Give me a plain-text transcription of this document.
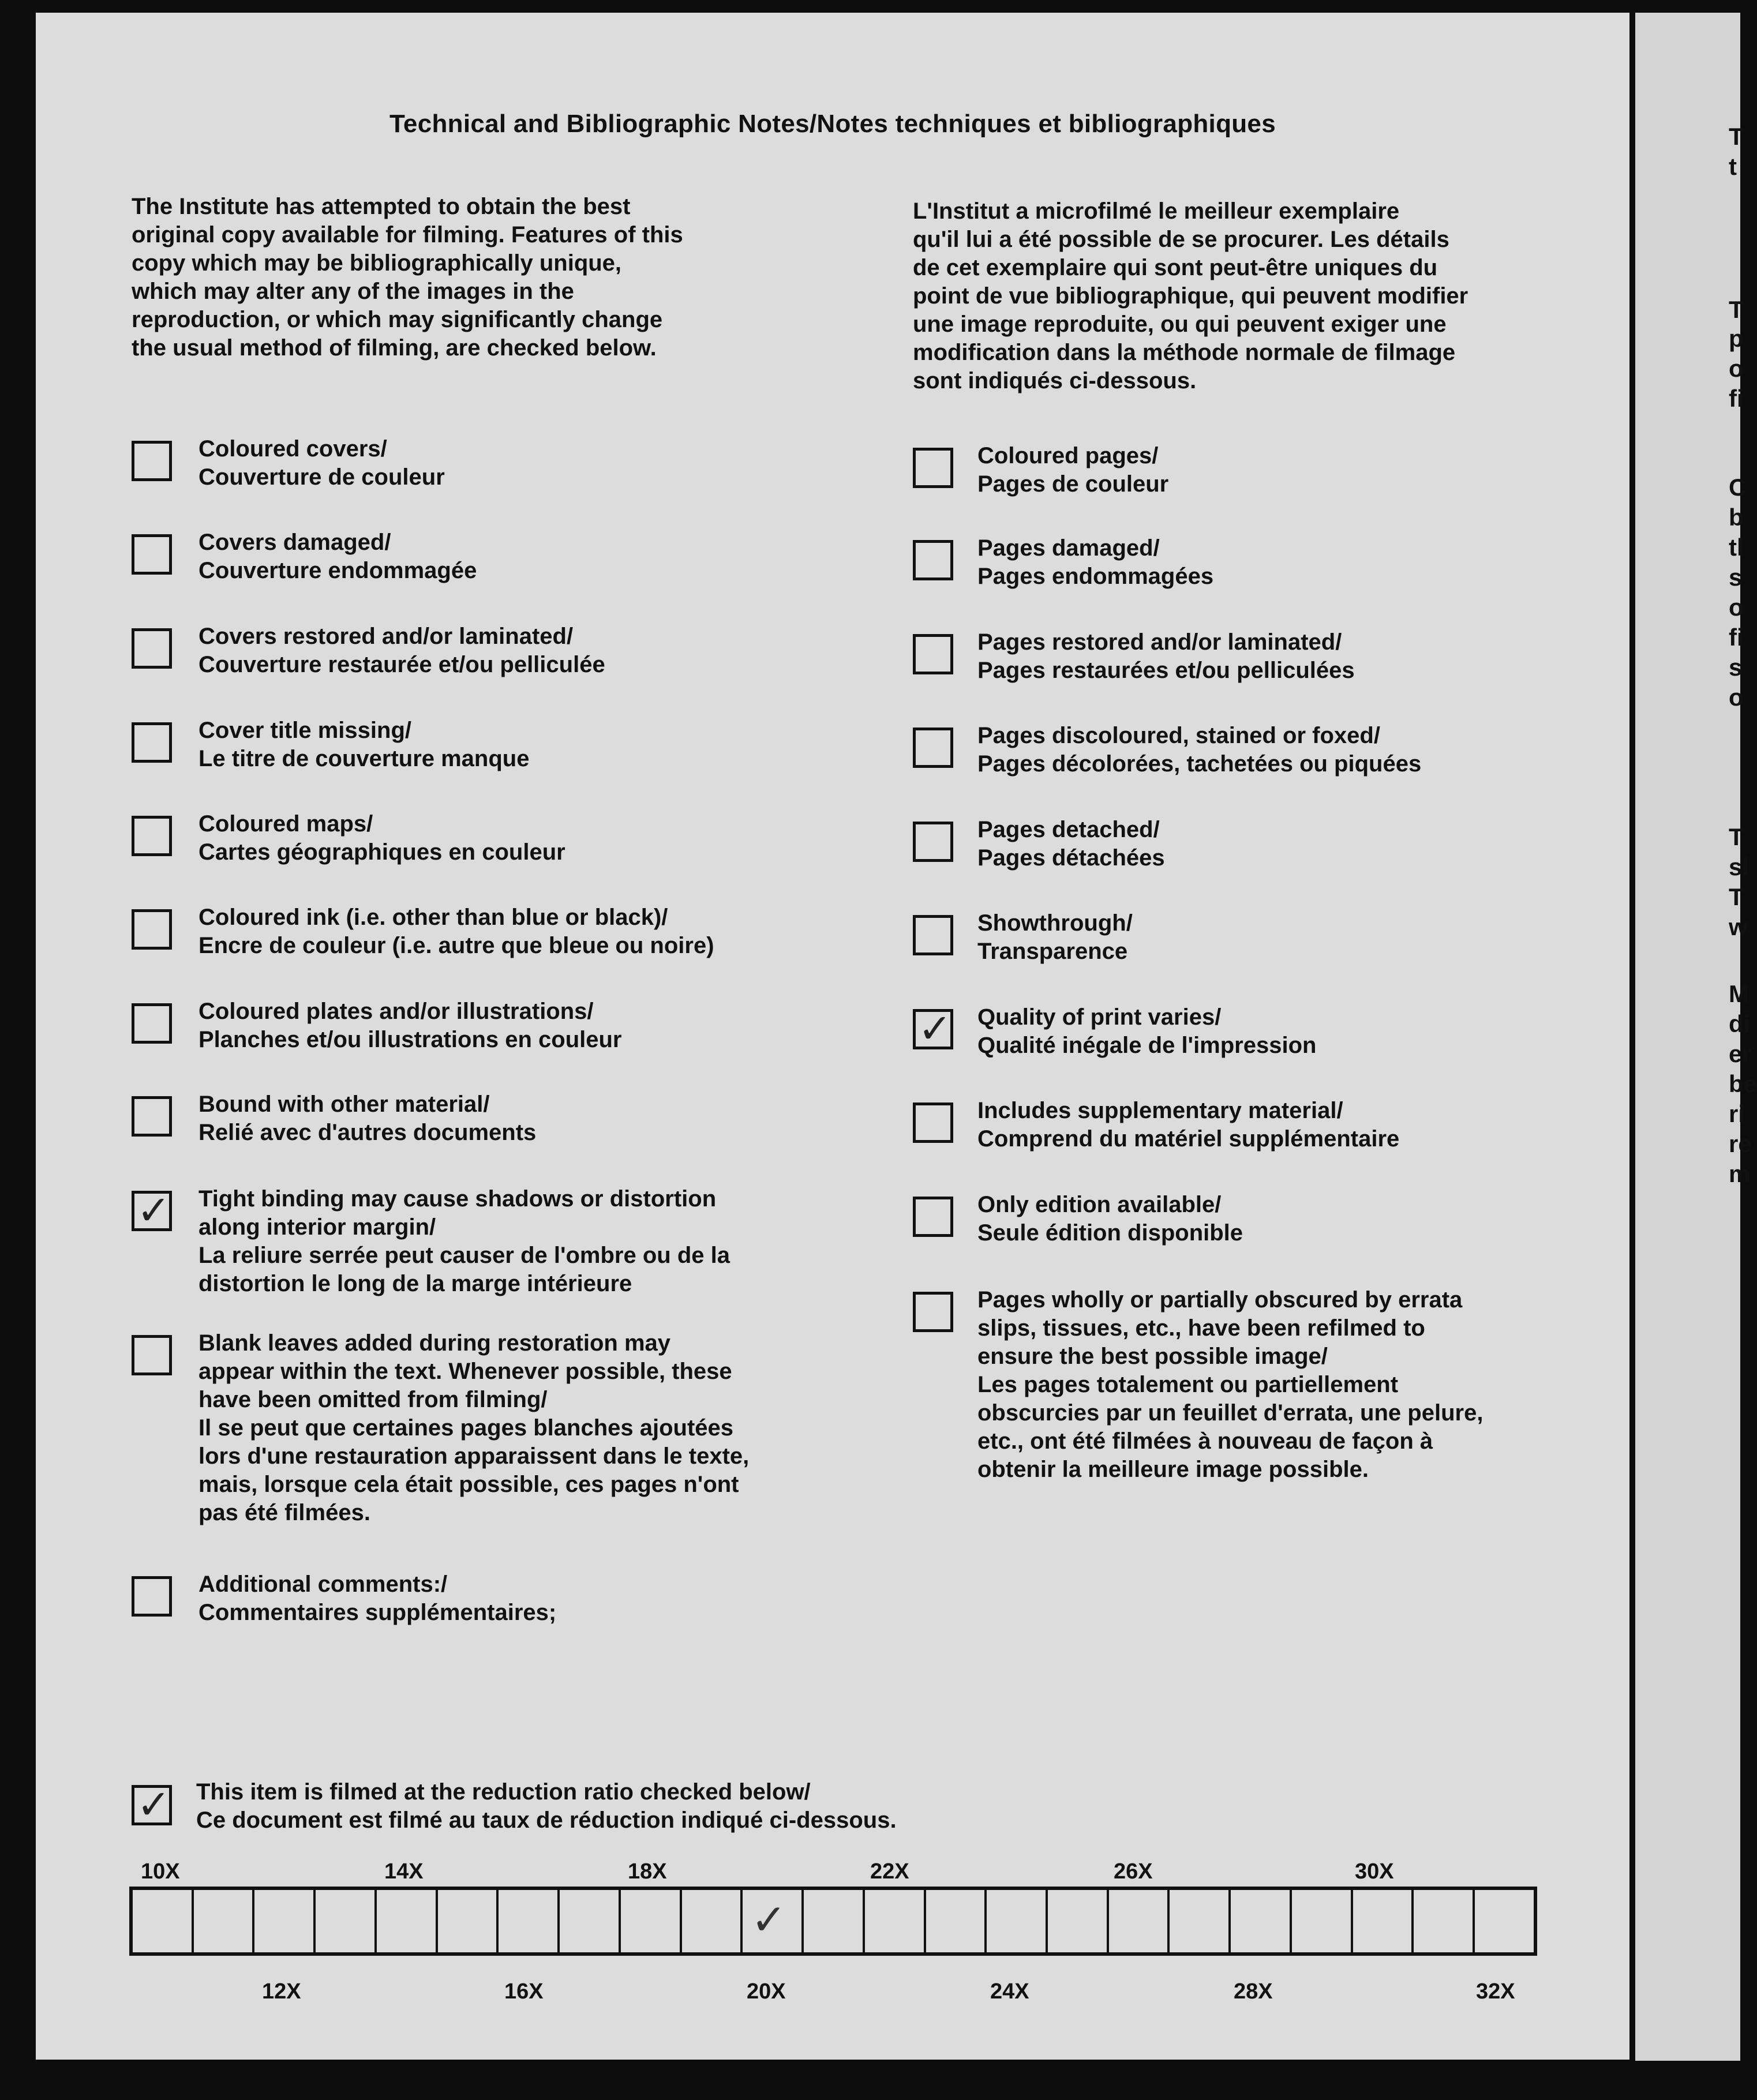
Technical and Bibliographic Notes/Notes techniques et bibliographiques
The Institute has attempted to obtain the best
original copy available for filming. Features of this
copy which may be bibliographically unique,
which may alter any of the images in the
reproduction, or which may significantly change
the usual method of filming, are checked below.
L'Institut a microfilmé le meilleur exemplaire
qu'il lui a été possible de se procurer. Les détails
de cet exemplaire qui sont peut-être uniques du
point de vue bibliographique, qui peuvent modifier
une image reproduite, ou qui peuvent exiger une
modification dans la méthode normale de filmage
sont indiqués ci-dessous.
Coloured covers/
Couverture de couleur
Covers damaged/
Couverture endommagée
Covers restored and/or laminated/
Couverture restaurée et/ou pelliculée
Cover title missing/
Le titre de couverture manque
Coloured maps/
Cartes géographiques en couleur
Coloured ink (i.e. other than blue or black)/
Encre de couleur (i.e. autre que bleue ou noire)
Coloured plates and/or illustrations/
Planches et/ou illustrations en couleur
Bound with other material/
Relié avec d'autres documents
✓ Tight binding may cause shadows or distortion
along interior margin/
La reliure serrée peut causer de l'ombre ou de la
distortion le long de la marge intérieure
Blank leaves added during restoration may
appear within the text. Whenever possible, these
have been omitted from filming/
Il se peut que certaines pages blanches ajoutées
lors d'une restauration apparaissent dans le texte,
mais, lorsque cela était possible, ces pages n'ont
pas été filmées.
Additional comments:/
Commentaires supplémentaires;
Coloured pages/
Pages de couleur
Pages damaged/
Pages endommagées
Pages restored and/or laminated/
Pages restaurées et/ou pelliculées
Pages discoloured, stained or foxed/
Pages décolorées, tachetées ou piquées
Pages detached/
Pages détachées
Showthrough/
Transparence
✓ Quality of print varies/
Qualité inégale de l'impression
Includes supplementary material/
Comprend du matériel supplémentaire
Only edition available/
Seule édition disponible
Pages wholly or partially obscured by errata
slips, tissues, etc., have been refilmed to
ensure the best possible image/
Les pages totalement ou partiellement
obscurcies par un feuillet d'errata, une pelure,
etc., ont été filmées à nouveau de façon à
obtenir la meilleure image possible.
✓ This item is filmed at the reduction ratio checked below/
Ce document est filmé au taux de réduction indiqué ci-dessous.
✓
10X	14X	18X	22X	26X	30X
12X	16X	20X	24X	28X	32X
T
t
T
p
o
fi
C
b
tl
s
o
fi
s
o
T
sl
T
w
M
di
er
be
ri
re
m
